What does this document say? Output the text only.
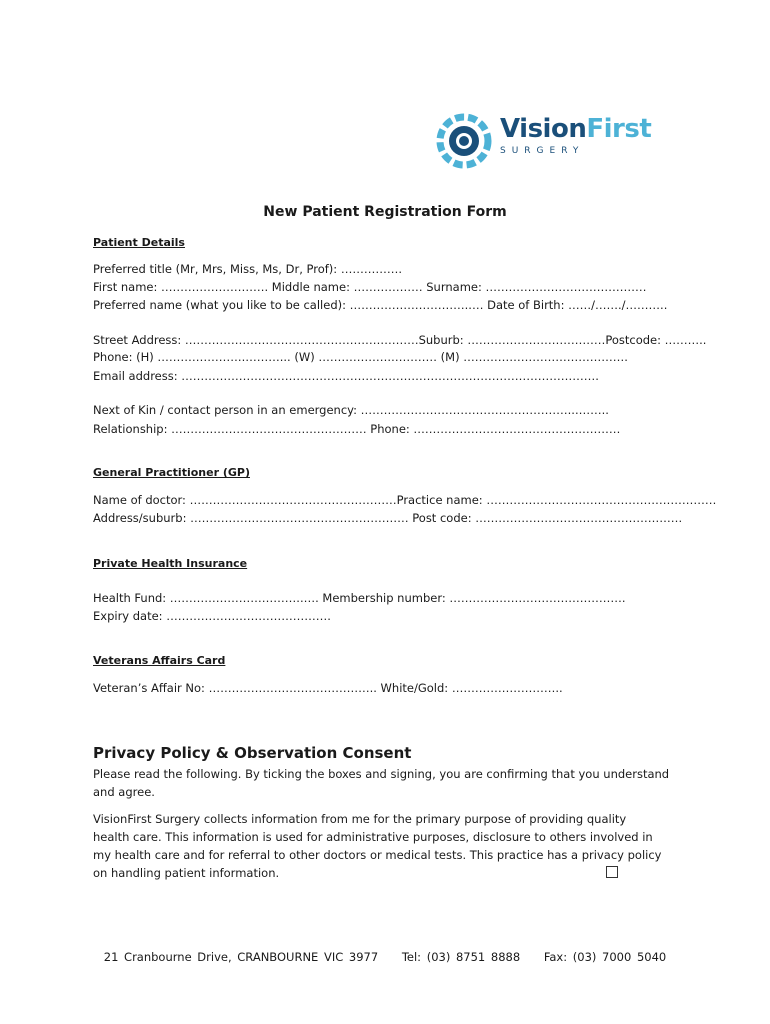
VisionFirst
SURGERY
New Patient Registration Form
Patient Details
Preferred title (Mr, Mrs, Miss, Ms, Dr, Prof): …………….
First name: ………………………. Middle name: ……………… Surname: ……………………………………
Preferred name (what you like to be called): …………………………..… Date of Birth: ……/……./………..
Street Address: …………………………………………….………Suburb: ………………………………Postcode: ………..
Phone: (H) …………………..………... (W) ……………….………… (M) …………………………………….
Email address: ……………………………………………………………………………………………….
Next of Kin / contact person in an emergency: ………………………………………………...……..
Relationship: …………………………………………… Phone: ………………………………………………
General Practitioner (GP)
Name of doctor: ………………………………………………Practice name: ……………………………………………………
Address/suburb: ………………………………………………… Post code: ………………………………………………
Private Health Insurance
Health Fund: ……………………………..…. Membership number: ……………………………………….
Expiry date: …………………………………….
Veterans Affairs Card
Veteran’s Affair No: …………………………………….. White/Gold: ………………………..
Privacy Policy & Observation Consent
Please read the following. By ticking the boxes and signing, you are confirming that you understand and agree.
VisionFirst Surgery collects information from me for the primary purpose of providing quality health care. This information is used for administrative purposes, disclosure to others involved in my health care and for referral to other doctors or medical tests. This practice has a privacy policy on handling patient information.
21 Cranbourne Drive, CRANBOURNE VIC 3977 Tel: (03) 8751 8888 Fax: (03) 7000 5040
